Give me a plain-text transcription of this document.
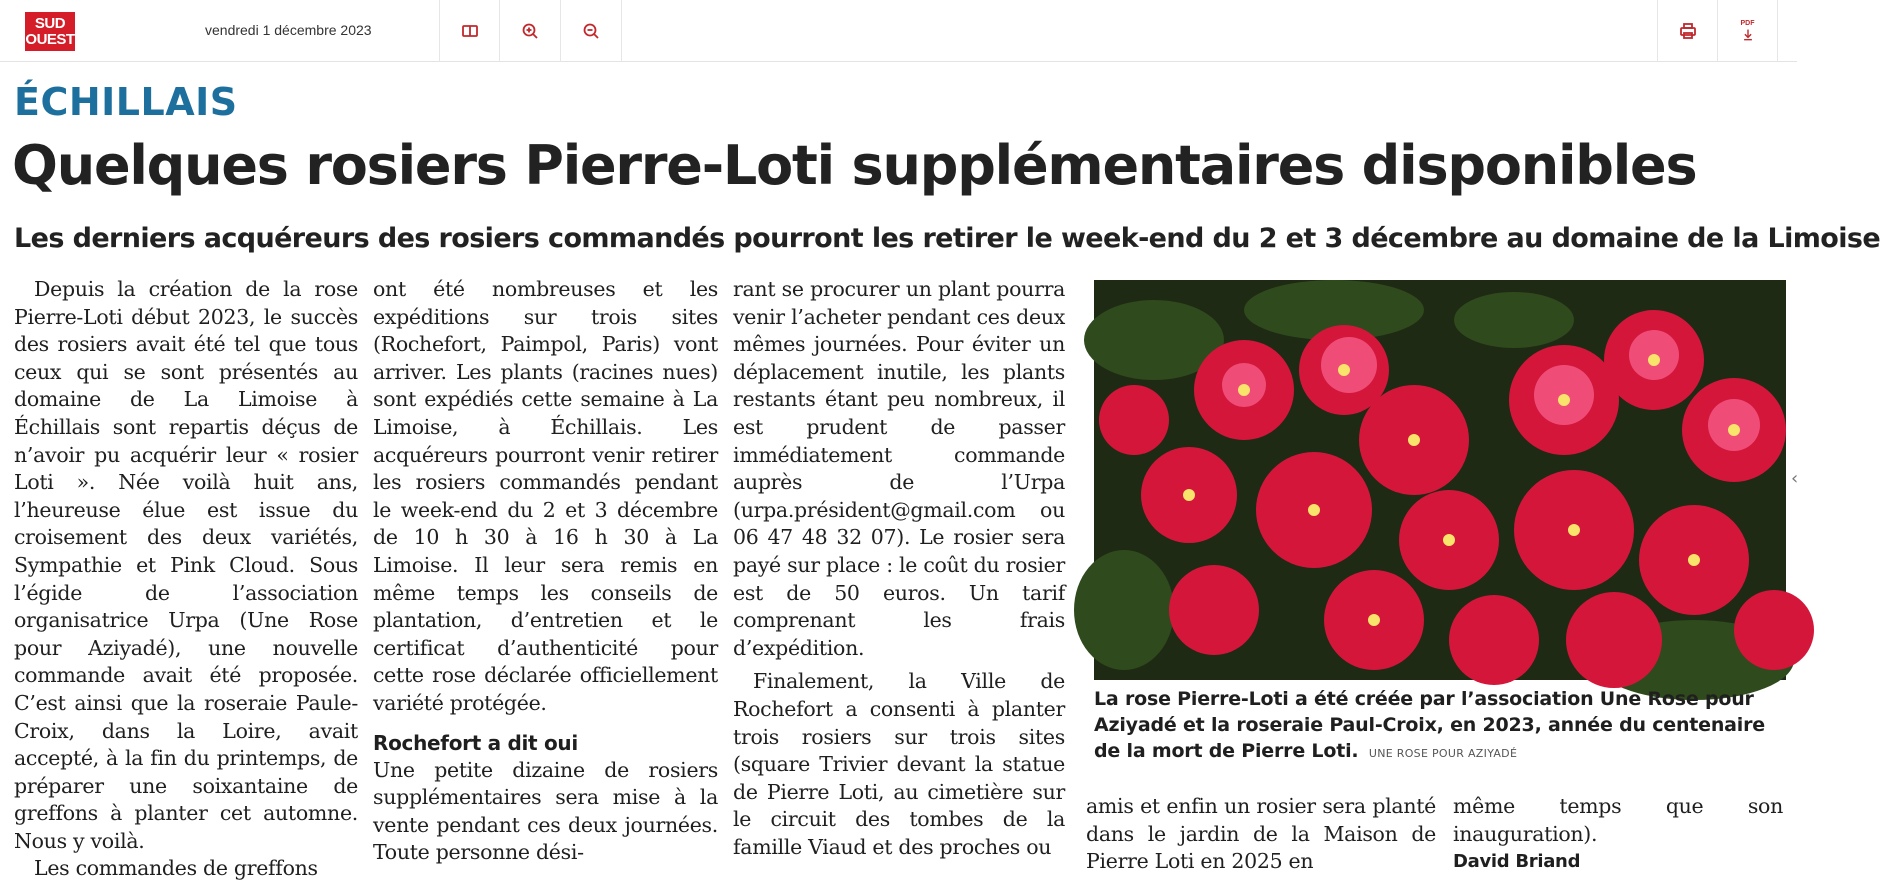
SUD OUEST
vendredi 1 décembre 2023	PDF
ÉCHILLAIS
Quelques rosiers Pierre-Loti supplémentaires disponibles
Les derniers acquéreurs des rosiers commandés pourront les retirer le week-end du 2 et 3 décembre au domaine de la Limoise

Depuis la création de la rose Pierre-Loti début 2023, le succès des rosiers avait été tel que tous ceux qui se sont présentés au domaine de La Limoise à Échillais sont repartis déçus de n’avoir pu acquérir leur « rosier Loti ». Née voilà huit ans, l’heureuse élue est issue du croisement des deux variétés, Sympathie et Pink Cloud. Sous l’égide de l’association organisatrice Urpa (Une Rose pour Aziyadé), une nouvelle commande avait été proposée. C’est ainsi que la roseraie Paule-Croix, dans la Loire, avait accepté, à la fin du printemps, de préparer une soixantaine de greffons à planter cet automne. Nous y voilà.

Les commandes de greffons

ont été nombreuses et les expéditions sur trois sites (Rochefort, Paimpol, Paris) vont arriver. Les plants (racines nues) sont expédiés cette semaine à La Limoise, à Échillais. Les acquéreurs pourront venir retirer les rosiers commandés pendant le week-end du 2 et 3 décembre de 10 h 30 à 16 h 30 à La Limoise. Il leur sera remis en même temps les conseils de plantation, d’entretien et le certificat d’authenticité pour cette rose déclarée officiellement variété protégée.

Rochefort a dit oui

Une petite dizaine de rosiers supplémentaires sera mise à la vente pendant ces deux journées. Toute personne dési-

rant se procurer un plant pourra venir l’acheter pendant ces deux mêmes journées. Pour éviter un déplacement inutile, les plants restants étant peu nombreux, il est prudent de passer immédiatement commande auprès de l’Urpa (urpa.président@gmail.com ou 06 47 48 32 07). Le rosier sera payé sur place : le coût du rosier est de 50 euros. Un tarif comprenant les frais d’expédition.

Finalement, la Ville de Rochefort a consenti à planter trois rosiers sur trois sites (square Trivier devant la statue de Pierre Loti, au cimetière sur le circuit des tombes de la famille Viaud et des proches ou

amis et enfin un rosier sera planté dans le jardin de la Maison de Pierre Loti en 2025 en

même temps que son inauguration).

David Briand
La rose Pierre-Loti a été créée par l’association Une Rose pour Aziyadé et la roseraie Paul-Croix, en 2023, année du centenaire de la mort de Pierre Loti. UNE ROSE POUR AZIYADÉ
‹
